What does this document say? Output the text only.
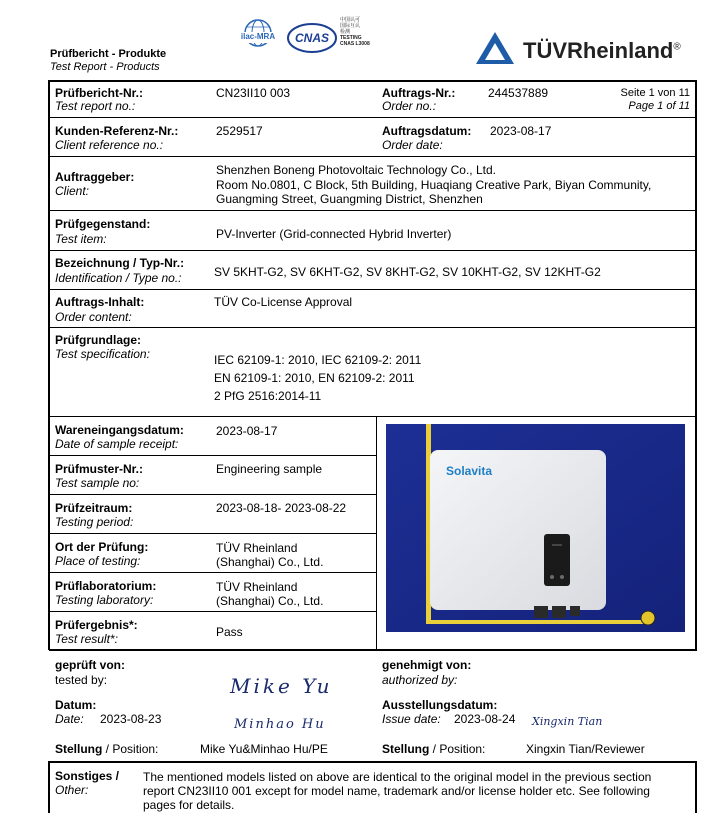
Prüfbericht - Produkte
Test Report - Products
ilac-MRA	CNAS
中国认可
国际互认
检测
TESTING
CNAS L3008	TÜVRheinland®
Prüfbericht-Nr.:
Test report no.:
CN23II10 003	Auftrags-Nr.:
Order no.:
244537889	Seite 1 von 11
Page 1 of 11
Kunden-Referenz-Nr.:
Client reference no.:
2529517	Auftragsdatum:
Order date:
2023-08-17
Auftraggeber:
Client:
Shenzhen Boneng Photovoltaic Technology Co., Ltd.
Room No.0801, C Block, 5th Building, Huaqiang Creative Park, Biyan Community,
Guangming Street, Guangming District, Shenzhen
Prüfgegenstand:
Test item:	PV-Inverter (Grid-connected Hybrid Inverter)
Bezeichnung / Typ-Nr.:
Identification / Type no.:	SV 5KHT-G2, SV 6KHT-G2, SV 8KHT-G2, SV 10KHT-G2, SV 12KHT-G2
Auftrags-Inhalt:
Order content:
TÜV Co-License Approval
Prüfgrundlage:
Test specification:	IEC 62109-1: 2010, IEC 62109-2: 2011
EN 62109-1: 2010, EN 62109-2: 2011
2 PfG 2516:2014-11
Wareneingangsdatum:
Date of sample receipt:
2023-08-17
Prüfmuster-Nr.:
Test sample no:
Engineering sample
Prüfzeitraum:
Testing period:
2023-08-18- 2023-08-22
Ort der Prüfung:
Place of testing:
TÜV Rheinland
(Shanghai) Co., Ltd.
Prüflaboratorium:
Testing laboratory:
TÜV Rheinland
(Shanghai) Co., Ltd.
Prüfergebnis*:
Test result*:	Pass
Solavita
geprüft von:
tested by:	Mike Yu
genehmigt von:
authorized by:
Datum:
Date: 2023-08-23	Minhao Hu
Ausstellungsdatum:
Issue date: 2023-08-24 Xingxin Tian
Stellung / Position:	Mike Yu&Minhao Hu/PE	Stellung / Position:	Xingxin Tian/Reviewer
Sonstiges /
Other:
The mentioned models listed on above are identical to the original model in the previous section
report CN23II10 001 except for model name, trademark and/or license holder etc. See following
pages for details.
